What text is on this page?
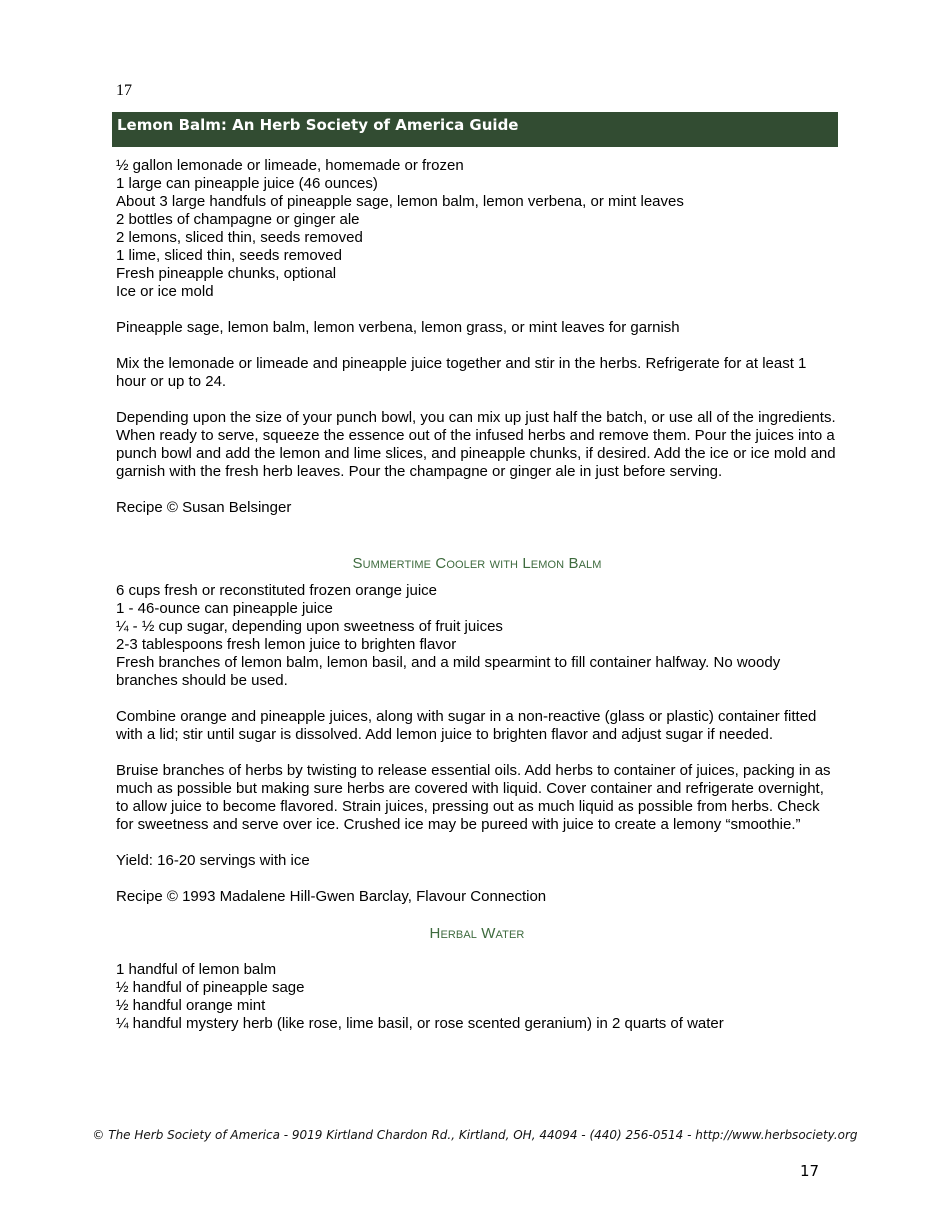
17
Lemon Balm: An Herb Society of America Guide

½ gallon lemonade or limeade, homemade or frozen

1 large can pineapple juice (46 ounces)

About 3 large handfuls of pineapple sage, lemon balm, lemon verbena, or mint leaves

2 bottles of champagne or ginger ale

2 lemons, sliced thin, seeds removed

1 lime, sliced thin, seeds removed

Fresh pineapple chunks, optional

Ice or ice mold

Pineapple sage, lemon balm, lemon verbena, lemon grass, or mint leaves for garnish

Mix the lemonade or limeade and pineapple juice together and stir in the herbs. Refrigerate for at least 1 hour or up to 24.

Depending upon the size of your punch bowl, you can mix up just half the batch, or use all of the ingredients. When ready to serve, squeeze the essence out of the infused herbs and remove them. Pour the juices into a punch bowl and add the lemon and lime slices, and pineapple chunks, if desired. Add the ice or ice mold and garnish with the fresh herb leaves. Pour the champagne or ginger ale in just before serving.

Recipe © Susan Belsinger

Summertime Cooler with Lemon Balm

6 cups fresh or reconstituted frozen orange juice

1 - 46-ounce can pineapple juice

¼ - ½ cup sugar, depending upon sweetness of fruit juices

2-3 tablespoons fresh lemon juice to brighten flavor

Fresh branches of lemon balm, lemon basil, and a mild spearmint to fill container halfway. No woody branches should be used.

Combine orange and pineapple juices, along with sugar in a non-reactive (glass or plastic) container fitted with a lid; stir until sugar is dissolved. Add lemon juice to brighten flavor and adjust sugar if needed.

Bruise branches of herbs by twisting to release essential oils. Add herbs to container of juices, packing in as much as possible but making sure herbs are covered with liquid. Cover container and refrigerate overnight, to allow juice to become flavored. Strain juices, pressing out as much liquid as possible from herbs. Check for sweetness and serve over ice. Crushed ice may be pureed with juice to create a lemony “smoothie.”

Yield: 16-20 servings with ice

Recipe © 1993 Madalene Hill-Gwen Barclay, Flavour Connection

Herbal Water

1 handful of lemon balm

½ handful of pineapple sage

½ handful orange mint

¼ handful mystery herb (like rose, lime basil, or rose scented geranium) in 2 quarts of water

© The Herb Society of America - 9019 Kirtland Chardon Rd., Kirtland, OH, 44094 - (440) 256-0514 - http://www.herbsociety.org
17
